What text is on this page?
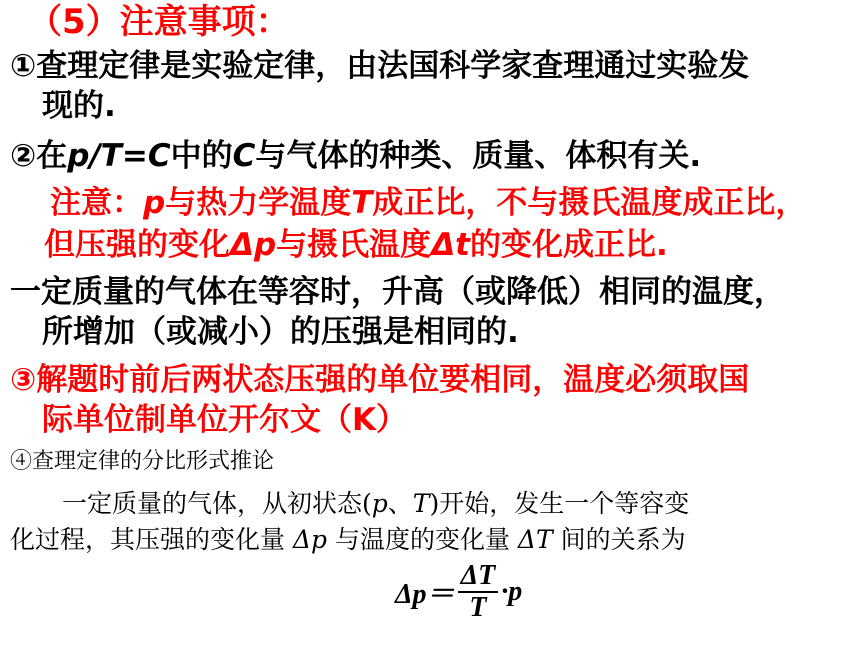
（5）注意事项：
①查理定律是实验定律，由法国科学家查理通过实验发
现的.
②在p/T=C中的C与气体的种类、质量、体积有关.
注意：p与热力学温度T成正比，不与摄氏温度成正比，
但压强的变化Δp与摄氏温度Δt的变化成正比.
一定质量的气体在等容时，升高（或降低）相同的温度，
所增加（或减小）的压强是相同的.
③解题时前后两状态压强的单位要相同，温度必须取国
际单位制单位开尔文（K）
④查理定律的分比形式推论
一定质量的气体，从初状态(p、T)开始，发生一个等容变
化过程，其压强的变化量 Δp 与温度的变化量 ΔT 间的关系为
$\Delta p= \frac{\Delta T}{T} \cdot p$
